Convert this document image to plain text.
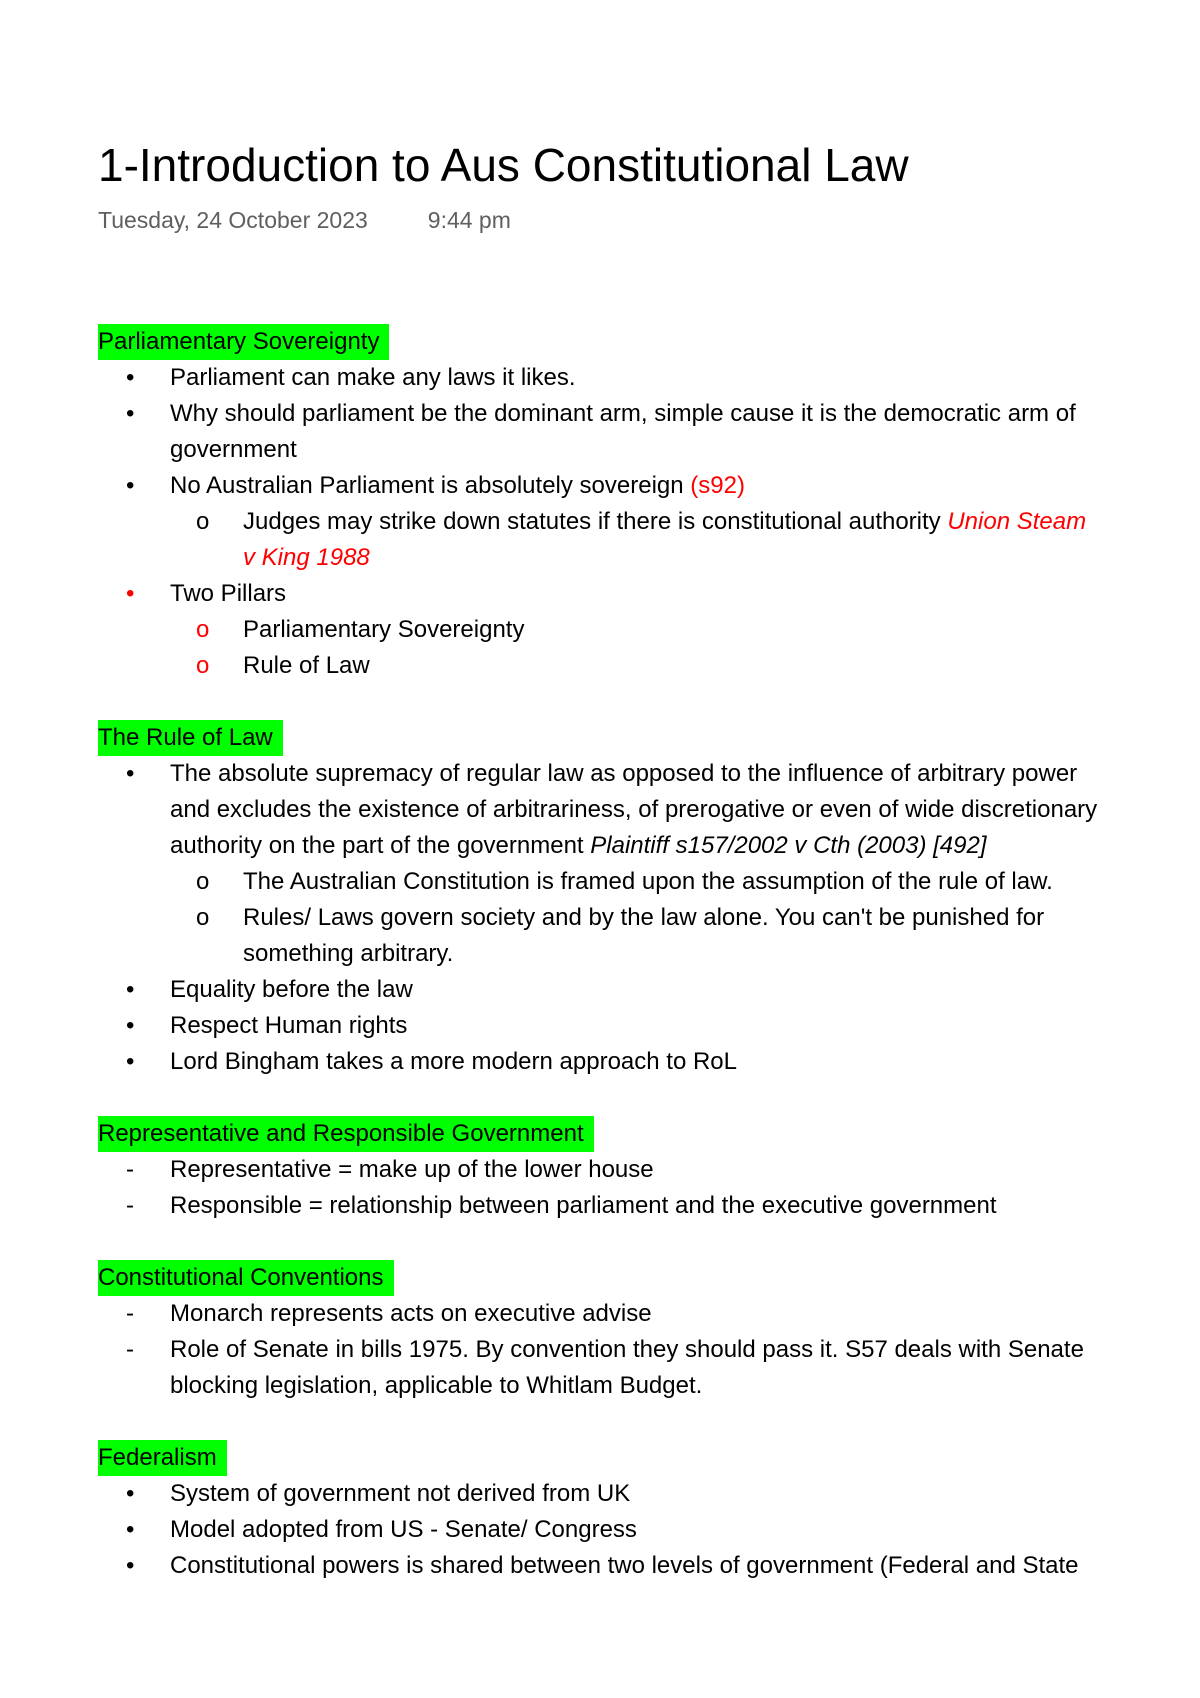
1-Introduction to Aus Constitutional Law
Tuesday, 24 October 2023	9:44 pm
Parliamentary Sovereignty
• Parliament can make any laws it likes.
• Why should parliament be the dominant arm, simple cause it is the democratic arm of
government
• No Australian Parliament is absolutely sovereign (s92)
o Judges may strike down statutes if there is constitutional authority Union Steam
v King 1988
• Two Pillars
o Parliamentary Sovereignty
o Rule of Law
The Rule of Law
• The absolute supremacy of regular law as opposed to the influence of arbitrary power
and excludes the existence of arbitrariness, of prerogative or even of wide discretionary
authority on the part of the government Plaintiff s157/2002 v Cth (2003) [492]
o The Australian Constitution is framed upon the assumption of the rule of law.
o Rules/ Laws govern society and by the law alone. You can't be punished for
something arbitrary.
• Equality before the law
• Respect Human rights
• Lord Bingham takes a more modern approach to RoL
Representative and Responsible Government
- Representative = make up of the lower house
- Responsible = relationship between parliament and the executive government
Constitutional Conventions
- Monarch represents acts on executive advise
- Role of Senate in bills 1975. By convention they should pass it. S57 deals with Senate
blocking legislation, applicable to Whitlam Budget.
Federalism
• System of government not derived from UK
• Model adopted from US - Senate/ Congress
• Constitutional powers is shared between two levels of government (Federal and State
